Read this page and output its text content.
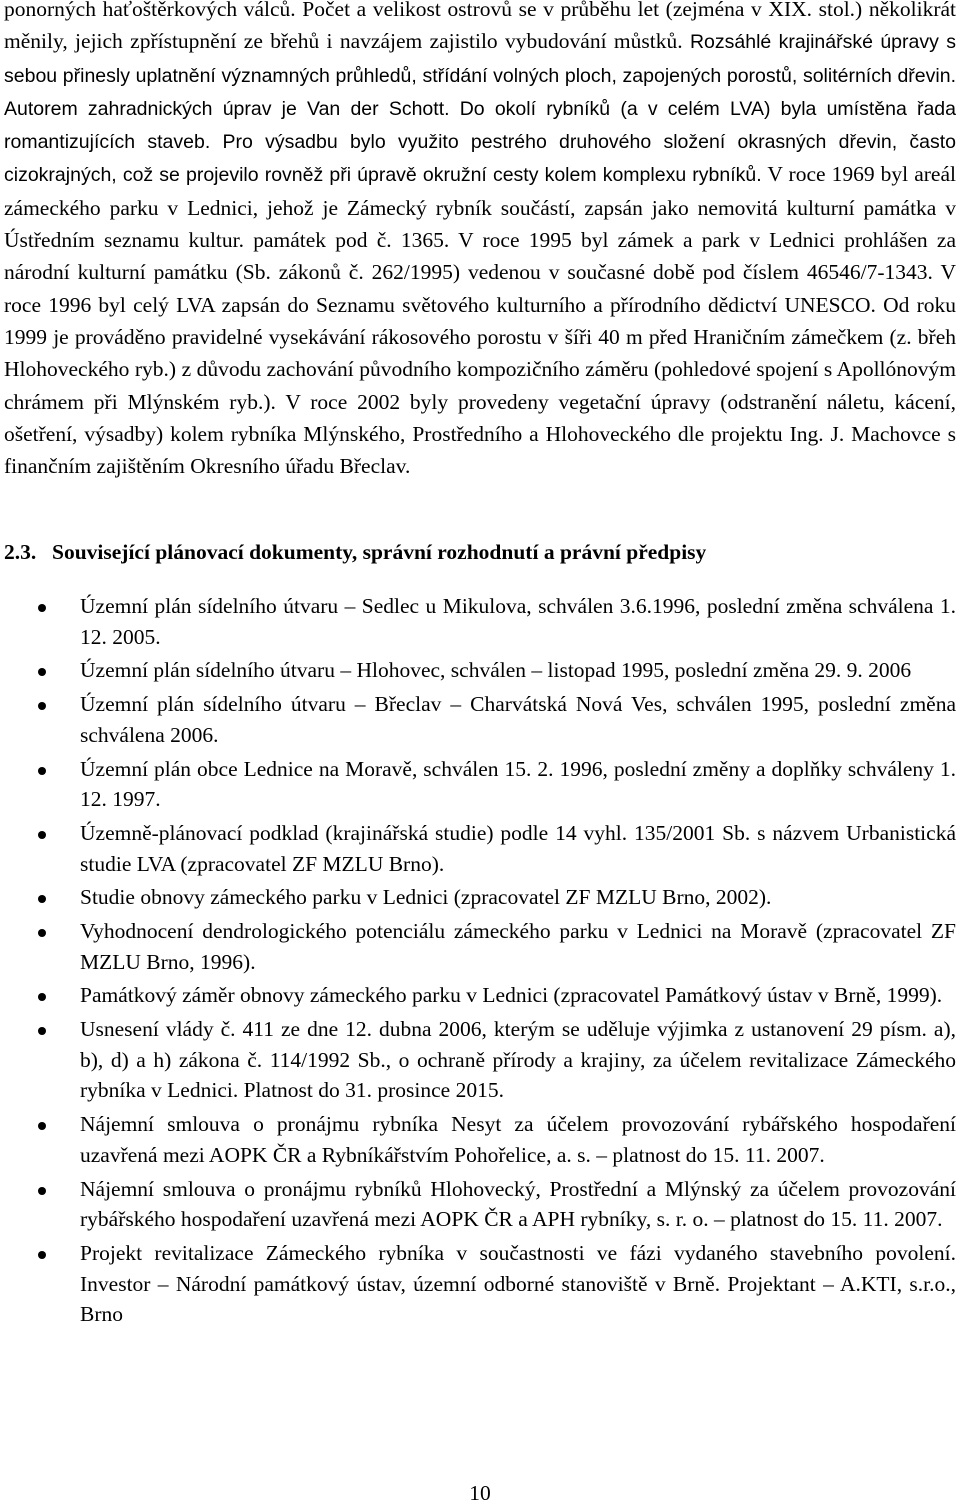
ponorných haťoštěrkových válců. Počet a velikost ostrovů se v průběhu let (zejména v XIX. stol.) několikrát měnily, jejich zpřístupnění ze břehů i navzájem zajistilo vybudování můstků. Rozsáhlé krajinářské úpravy s sebou přinesly uplatnění významných průhledů, střídání volných ploch, zapojených porostů, solitérních dřevin. Autorem zahradnických úprav je Van der Schott. Do okolí rybníků (a v celém LVA) byla umístěna řada romantizujících staveb. Pro výsadbu bylo využito pestrého druhového složení okrasných dřevin, často cizokrajných, což se projevilo rovněž při úpravě okružní cesty kolem komplexu rybníků. V roce 1969 byl areál zámeckého parku v Lednici, jehož je Zámecký rybník součástí, zapsán jako nemovitá kulturní památka v Ústředním seznamu kultur. památek pod č. 1365. V roce 1995 byl zámek a park v Lednici prohlášen za národní kulturní památku (Sb. zákonů č. 262/1995) vedenou v současné době pod číslem 46546/7-1343. V roce 1996 byl celý LVA zapsán do Seznamu světového kulturního a přírodního dědictví UNESCO. Od roku 1999 je prováděno pravidelné vysekávání rákosového porostu v šíři 40 m před Hraničním zámečkem (z. břeh Hlohoveckého ryb.) z důvodu zachování původního kompozičního záměru (pohledové spojení s Apollónovým chrámem při Mlýnském ryb.). V roce 2002 byly provedeny vegetační úpravy (odstranění náletu, kácení, ošetření, výsadby) kolem rybníka Mlýnského, Prostředního a Hlohoveckého dle projektu Ing. J. Machovce s finančním zajištěním Okresního úřadu Břeclav.

2.3. Související plánovací dokumenty, správní rozhodnutí a právní předpisy
Územní plán sídelního útvaru – Sedlec u Mikulova, schválen 3.6.1996, poslední změna schválena 1. 12. 2005.
Územní plán sídelního útvaru – Hlohovec, schválen – listopad 1995, poslední změna 29. 9. 2006
Územní plán sídelního útvaru – Břeclav – Charvátská Nová Ves, schválen 1995, poslední změna schválena 2006.
Územní plán obce Lednice na Moravě, schválen 15. 2. 1996, poslední změny a doplňky schváleny 1. 12. 1997.
Územně-plánovací podklad (krajinářská studie) podle 14 vyhl. 135/2001 Sb. s názvem Urbanistická studie LVA (zpracovatel ZF MZLU Brno).
Studie obnovy zámeckého parku v Lednici (zpracovatel ZF MZLU Brno, 2002).
Vyhodnocení dendrologického potenciálu zámeckého parku v Lednici na Moravě (zpracovatel ZF MZLU Brno, 1996).
Památkový záměr obnovy zámeckého parku v Lednici (zpracovatel Památkový ústav v Brně, 1999).
Usnesení vlády č. 411 ze dne 12. dubna 2006, kterým se uděluje výjimka z ustanovení 29 písm. a), b), d) a h) zákona č. 114/1992 Sb., o ochraně přírody a krajiny, za účelem revitalizace Zámeckého rybníka v Lednici. Platnost do 31. prosince 2015.
Nájemní smlouva o pronájmu rybníka Nesyt za účelem provozování rybářského hospodaření uzavřená mezi AOPK ČR a Rybníkářstvím Pohořelice, a. s. – platnost do 15. 11. 2007.
Nájemní smlouva o pronájmu rybníků Hlohovecký, Prostřední a Mlýnský za účelem provozování rybářského hospodaření uzavřená mezi AOPK ČR a APH rybníky, s. r. o. – platnost do 15. 11. 2007.
Projekt revitalizace Zámeckého rybníka v součastnosti ve fázi vydaného stavebního povolení. Investor – Národní památkový ústav, územní odborné stanoviště v Brně. Projektant – A.KTI, s.r.o., Brno
10
